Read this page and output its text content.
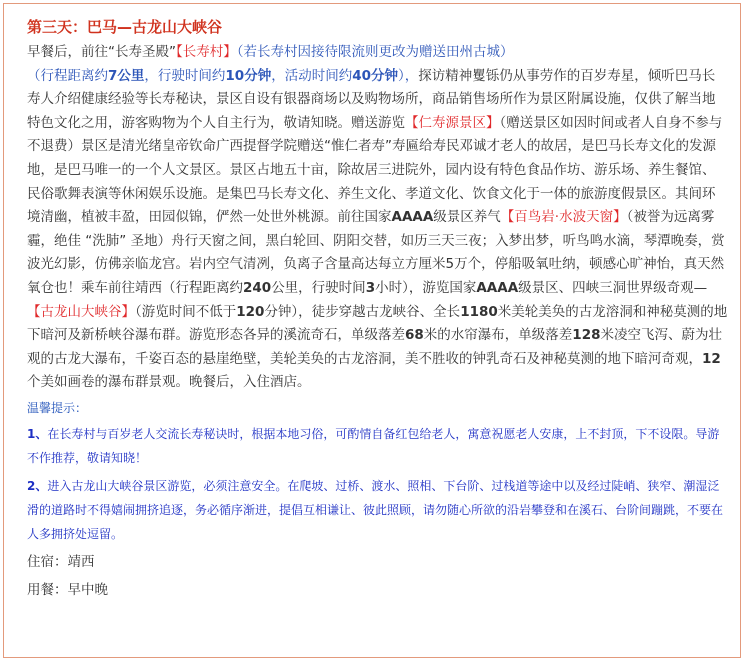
第三天：巴马—古龙山大峡谷
早餐后，前往“长寿圣殿”【长寿村】（若长寿村因接待限流则更改为赠送田州古城）
（行程距离约7公里，行驶时间约10分钟，活动时间约40分钟），探访精神矍铄仍从事劳作的百岁寿星，倾听巴马长寿人介绍健康经验等长寿秘诀，景区自设有银器商场以及购物场所，商品销售场所作为景区附属设施，仅供了解当地特色文化之用，游客购物为个人自主行为，敬请知晓。赠送游览【仁寿源景区】（赠送景区如因时间或者人自身不参与不退费）景区是清光绪皇帝钦命广西提督学院赠送“惟仁者寿”寿匾给寿民邓诚才老人的故居，是巴马长寿文化的发源地，是巴马唯一的一个人文景区。景区占地五十亩，除故居三进院外，园内设有特色食品作坊、游乐场、养生餐馆、民俗歌舞表演等休闲娱乐设施。是集巴马长寿文化、养生文化、孝道文化、饮食文化于一体的旅游度假景区。其间环境清幽，植被丰盈，田园似锦，俨然一处世外桃源。前往国家AAAA级景区养气【百鸟岩·水波天窗】（被誉为远离雾霾，绝佳 “洗肺” 圣地）舟行天窗之间，黑白轮回、阴阳交替，如历三天三夜；入梦出梦，听鸟鸣水滴，琴潭晚奏，赏波光幻影，仿佛亲临龙宫。岩内空气清冽，负离子含量高达每立方厘米5万个，停船吸氧吐纳，顿感心旷神怡，真天然氧仓也！乘车前往靖西（行程距离约240公里，行驶时间3小时），游览国家AAAA级景区、四峡三洞世界级奇观—【古龙山大峡谷】（游览时间不低于120分钟），徒步穿越古龙峡谷、全长1180米美轮美奂的古龙溶洞和神秘莫测的地下暗河及新桥峡谷瀑布群。游览形态各异的溪流奇石，单级落差68米的水帘瀑布，单级落差128米凌空飞泻、蔚为壮观的古龙大瀑布，千姿百态的悬崖绝壁，美轮美奂的古龙溶洞，美不胜收的钟乳奇石及神秘莫测的地下暗河奇观，12个美如画卷的瀑布群景观。晚餐后，入住酒店。
温馨提示：
1、在长寿村与百岁老人交流长寿秘诀时，根据本地习俗，可酌情自备红包给老人，寓意祝愿老人安康，上不封顶，下不设限。导游不作推荐，敬请知晓！
2、进入古龙山大峡谷景区游览，必须注意安全。在爬坡、过桥、渡水、照相、下台阶、过栈道等途中以及经过陡峭、狭窄、潮湿泛滑的道路时不得嬉闹拥挤追逐，务必循序渐进，提倡互相谦让、彼此照顾，请勿随心所欲的沿岩攀登和在溪石、台阶间蹦跳，不要在人多拥挤处逗留。
住宿：靖西
用餐：早中晚
